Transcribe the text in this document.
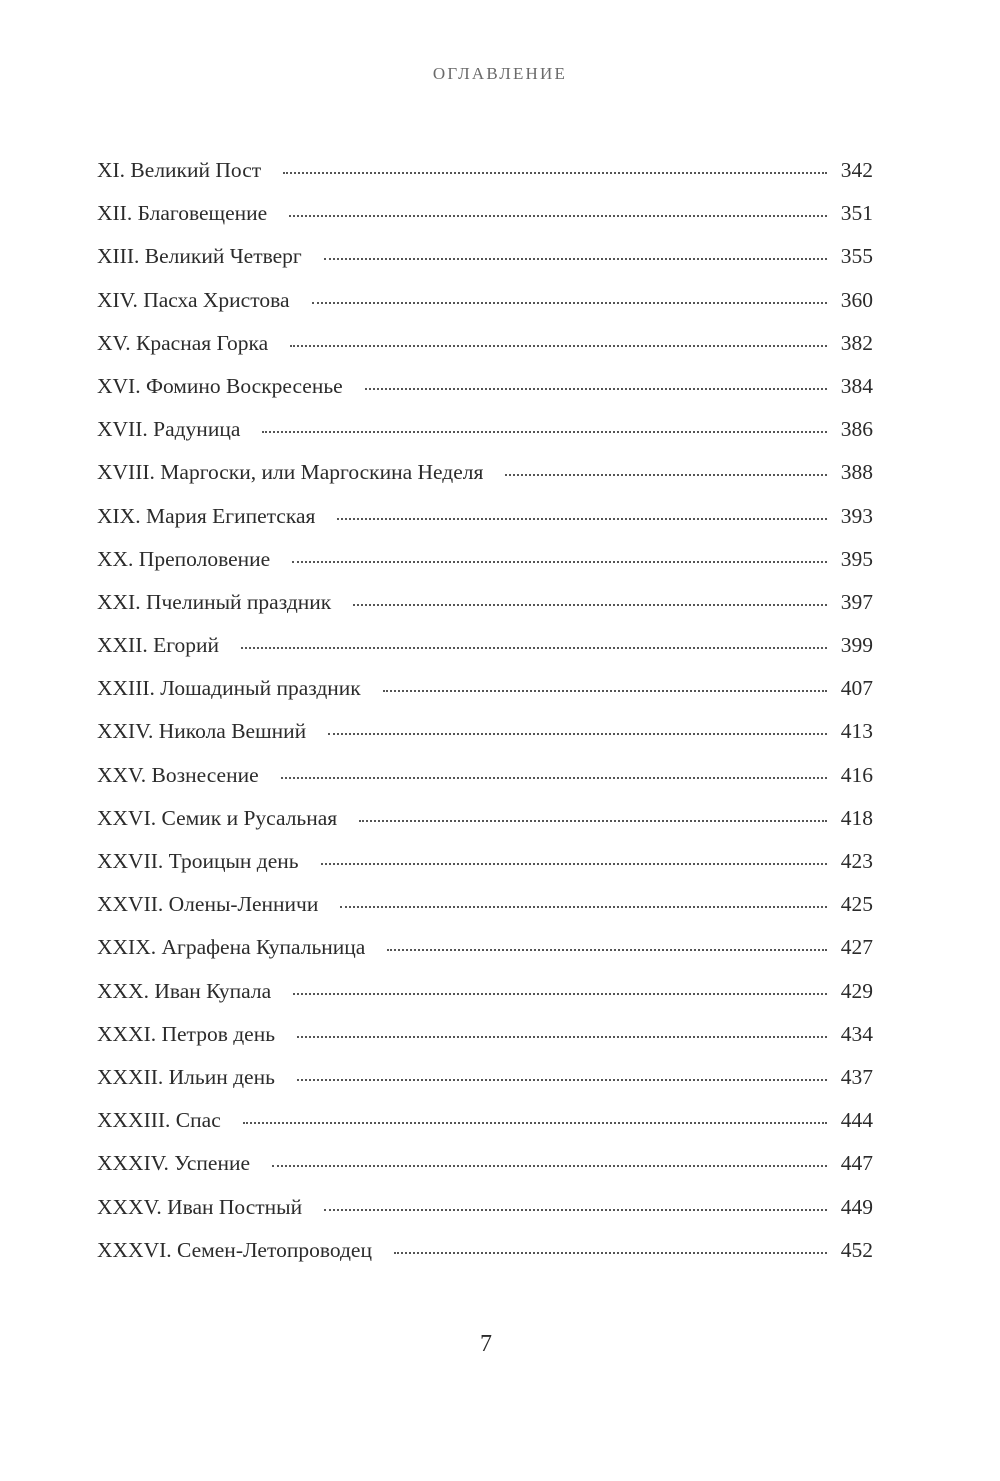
ОГЛАВЛЕНИЕ
XI. Великий Пост	342
XII. Благовещение	351
XIII. Великий Четверг	355
XIV. Пасха Христова	360
XV. Красная Горка	382
XVI. Фомино Воскресенье	384
XVII. Радуница	386
XVIII. Маргоски, или Маргоскина Неделя	388
XIX. Мария Египетская	393
XX. Преполовение	395
XXI. Пчелиный праздник	397
XXII. Егорий	399
XXIII. Лошадиный праздник	407
XXIV. Никола Вешний	413
XXV. Вознесение	416
XXVI. Семик и Русальная	418
XXVII. Троицын день	423
XXVII. Олены-Ленничи	425
XXIX. Аграфена Купальница	427
XXX. Иван Купала	429
XXXI. Петров день	434
XXXII. Ильин день	437
XXXIII. Спас	444
XXXIV. Успение	447
XXXV. Иван Постный	449
XXXVI. Семен-Летопроводец	452
7
